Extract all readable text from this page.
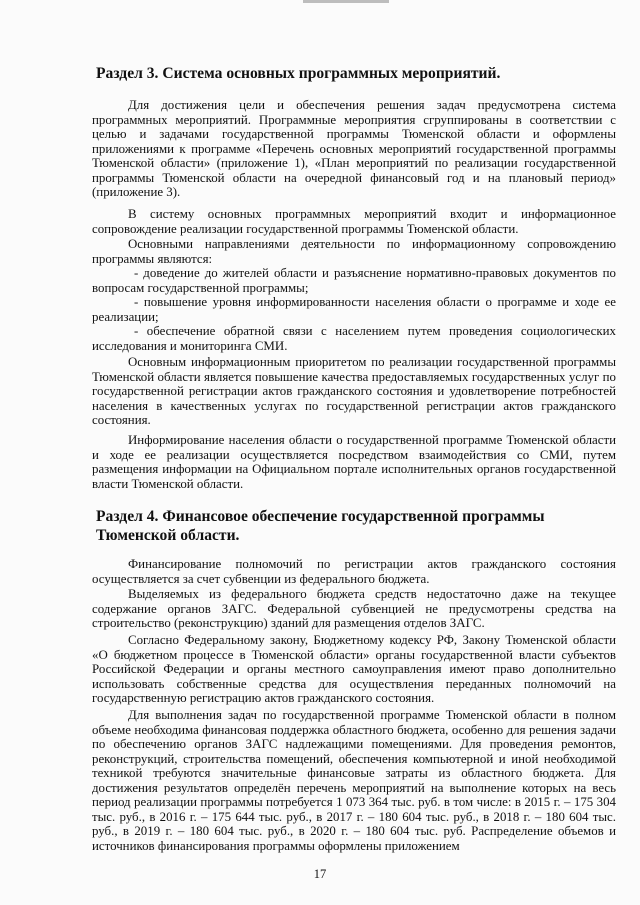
Раздел 3. Система основных программных мероприятий.

Для достижения цели и обеспечения решения задач предусмотрена система программных мероприятий. Программные мероприятия сгруппированы в соответствии с целью и задачами государственной программы Тюменской области и оформлены приложениями к программе «Перечень основных мероприятий государственной программы Тюменской области» (приложение 1), «План мероприятий по реализации государственной программы Тюменской области на очередной финансовый год и на плановый период» (приложение 3).

В систему основных программных мероприятий входит и информационное сопровождение реализации государственной программы Тюменской области.

Основными направлениями деятельности по информационному сопровождению программы являются:

- доведение до жителей области и разъяснение нормативно-правовых документов по вопросам государственной программы;

- повышение уровня информированности населения области о программе и ходе ее реализации;

- обеспечение обратной связи с населением путем проведения социологических исследования и мониторинга СМИ.

Основным информационным приоритетом по реализации государственной программы Тюменской области является повышение качества предоставляемых государственных услуг по государственной регистрации актов гражданского состояния и удовлетворение потребностей населения в качественных услугах по государственной регистрации актов гражданского состояния.

Информирование населения области о государственной программе Тюменской области и ходе ее реализации осуществляется посредством взаимодействия со СМИ, путем размещения информации на Официальном портале исполнительных органов государственной власти Тюменской области.

Раздел 4. Финансовое обеспечение государственной программы Тюменской области.

Финансирование полномочий по регистрации актов гражданского состояния осуществляется за счет субвенции из федерального бюджета.

Выделяемых из федерального бюджета средств недостаточно даже на текущее содержание органов ЗАГС. Федеральной субвенцией не предусмотрены средства на строительство (реконструкцию) зданий для размещения отделов ЗАГС.

Согласно Федеральному закону, Бюджетному кодексу РФ, Закону Тюменской области «О бюджетном процессе в Тюменской области» органы государственной власти субъектов Российской Федерации и органы местного самоуправления имеют право дополнительно использовать собственные средства для осуществления переданных полномочий на государственную регистрацию актов гражданского состояния.

Для выполнения задач по государственной программе Тюменской области в полном объеме необходима финансовая поддержка областного бюджета, особенно для решения задачи по обеспечению органов ЗАГС надлежащими помещениями. Для проведения ремонтов, реконструкций, строительства помещений, обеспечения компьютерной и иной необходимой техникой требуются значительные финансовые затраты из областного бюджета. Для достижения результатов определён перечень мероприятий на выполнение которых на весь период реализации программы потребуется 1 073 364 тыс. руб. в том числе: в 2015 г. – 175 304 тыс. руб., в 2016 г. – 175 644 тыс. руб., в 2017 г. – 180 604 тыс. руб., в 2018 г. – 180 604 тыс. руб., в 2019 г. – 180 604 тыс. руб., в 2020 г. – 180 604 тыс. руб. Распределение объемов и источников финансирования программы оформлены приложением

17
